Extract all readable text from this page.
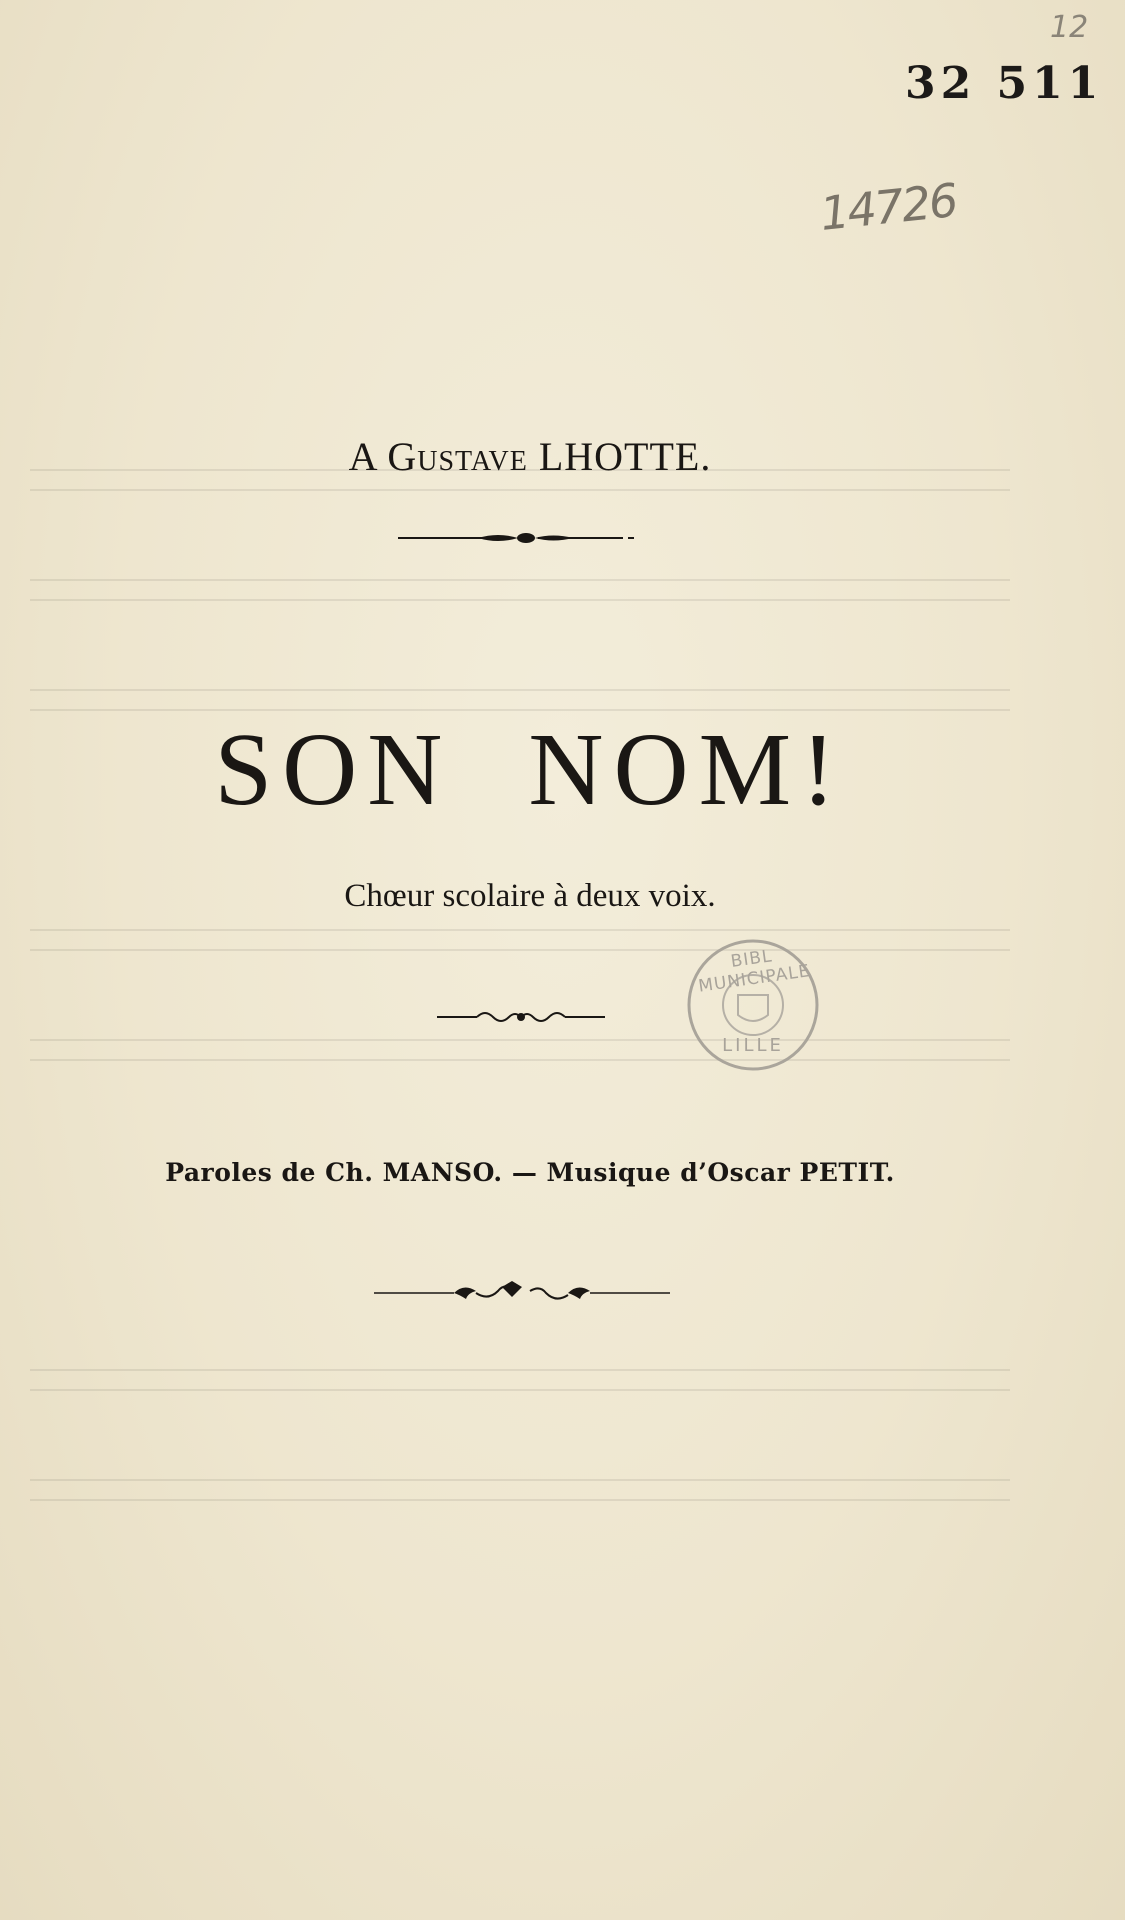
12
32 511
14726
A Gustave LHOTTE.
SON NOM!
Chœur scolaire à deux voix.
BIBL MUNICIPALE
LILLE
Paroles de Ch. MANSO. — Musique d’Oscar PETIT.
